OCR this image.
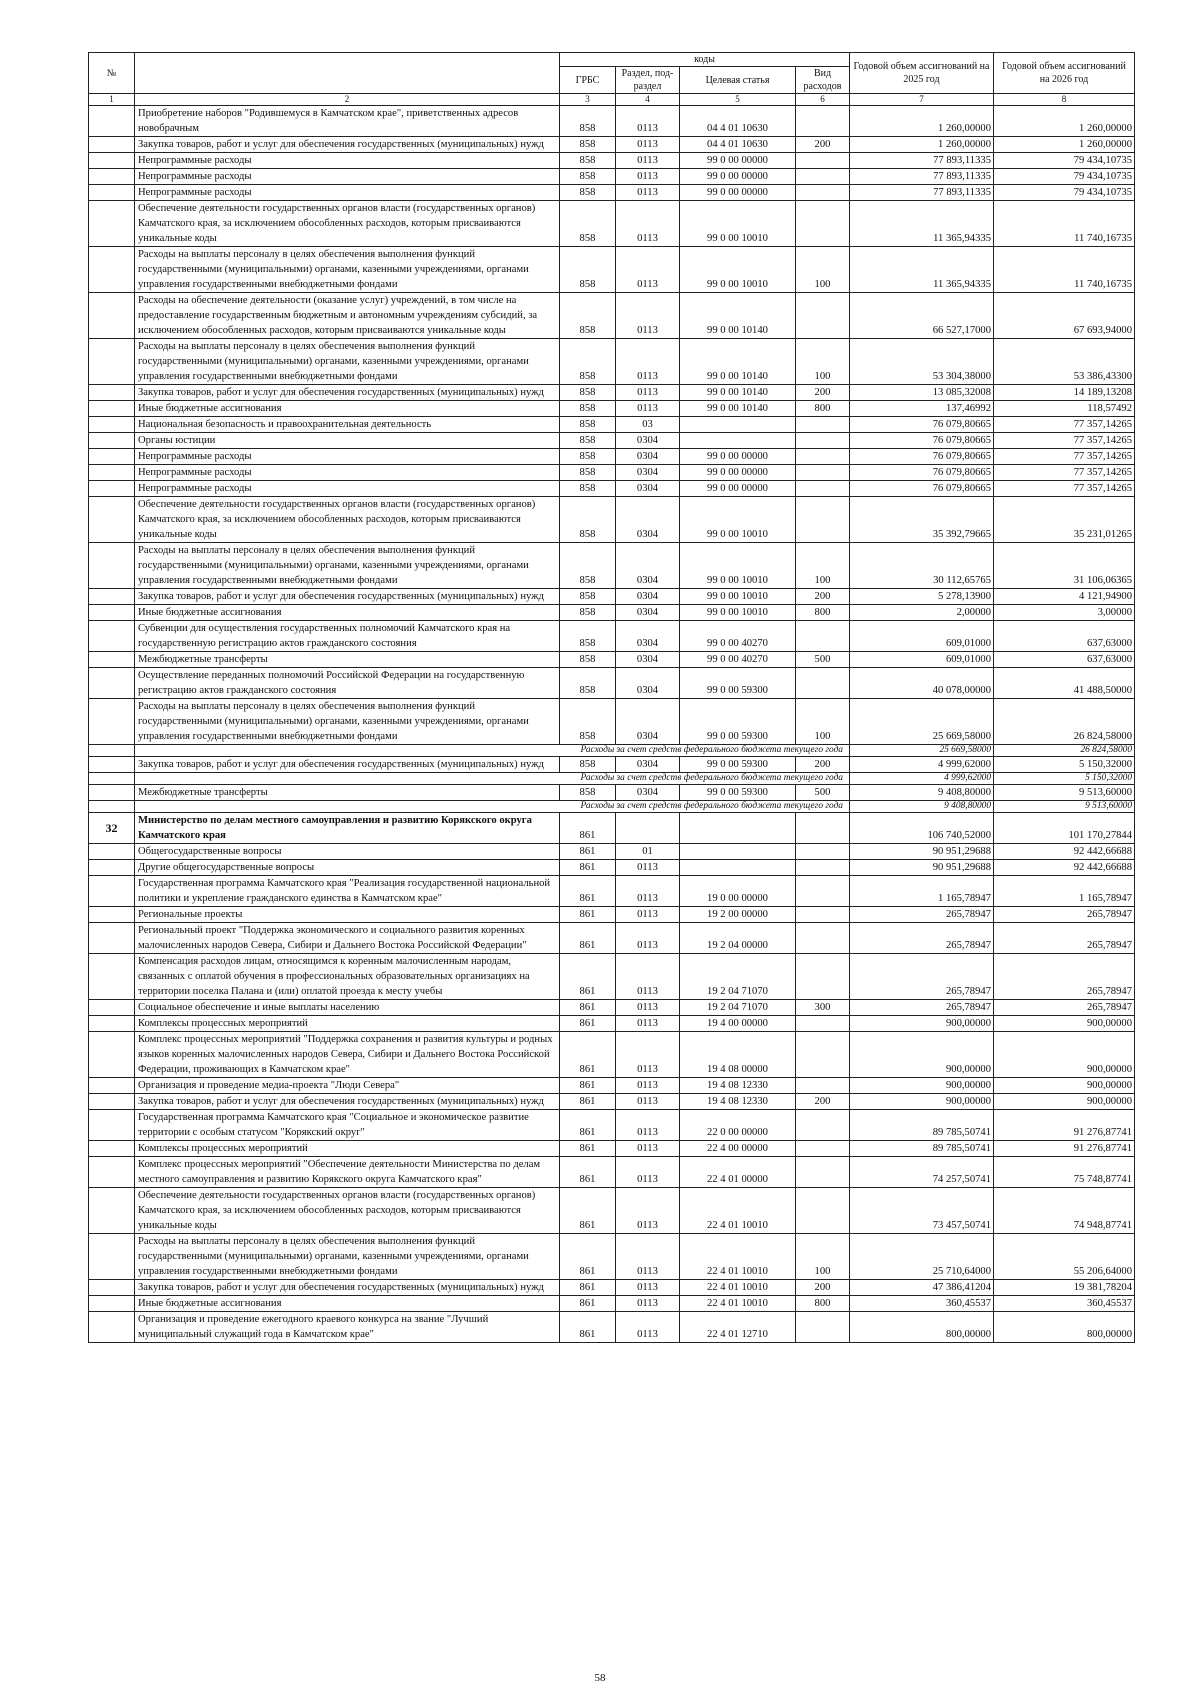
№		коды				Годовой объем ассигнований на 2025 год	Годовой объем ассигнований на 2026 год
		ГРБС	Раздел, под-раздел	Целевая статья	Вид расходов		
1	2	3	4	5	6	7	8
	Приобретение наборов "Родившемуся в Камчатском крае", приветственных адресов новобрачным	858	0113	04 4 01 10630		1 260,00000	1 260,00000
	Закупка товаров, работ и услуг для обеспечения государственных (муниципальных) нужд	858	0113	04 4 01 10630	200	1 260,00000	1 260,00000
	Непрограммные расходы	858	0113	99 0 00 00000		77 893,11335	79 434,10735
	Непрограммные расходы	858	0113	99 0 00 00000		77 893,11335	79 434,10735
	Непрограммные расходы	858	0113	99 0 00 00000		77 893,11335	79 434,10735
	Обеспечение деятельности государственных органов власти (государственных органов) Камчатского края, за исключением обособленных расходов, которым присваиваются уникальные коды	858	0113	99 0 00 10010		11 365,94335	11 740,16735
	Расходы на выплаты персоналу в целях обеспечения выполнения функций государственными (муниципальными) органами, казенными учреждениями, органами управления государственными внебюджетными фондами	858	0113	99 0 00 10010	100	11 365,94335	11 740,16735
	Расходы на обеспечение деятельности (оказание услуг) учреждений, в том числе на предоставление государственным бюджетным и автономным учреждениям субсидий, за исключением обособленных расходов, которым присваиваются уникальные коды	858	0113	99 0 00 10140		66 527,17000	67 693,94000
	Расходы на выплаты персоналу в целях обеспечения выполнения функций государственными (муниципальными) органами, казенными учреждениями, органами управления государственными внебюджетными фондами	858	0113	99 0 00 10140	100	53 304,38000	53 386,43300
	Закупка товаров, работ и услуг для обеспечения государственных (муниципальных) нужд	858	0113	99 0 00 10140	200	13 085,32008	14 189,13208
	Иные бюджетные ассигнования	858	0113	99 0 00 10140	800	137,46992	118,57492
	Национальная безопасность и правоохранительная деятельность	858	03			76 079,80665	77 357,14265
	Органы юстиции	858	0304			76 079,80665	77 357,14265
	Непрограммные расходы	858	0304	99 0 00 00000		76 079,80665	77 357,14265
	Непрограммные расходы	858	0304	99 0 00 00000		76 079,80665	77 357,14265
	Непрограммные расходы	858	0304	99 0 00 00000		76 079,80665	77 357,14265
	Обеспечение деятельности государственных органов власти (государственных органов) Камчатского края, за исключением обособленных расходов, которым присваиваются уникальные коды	858	0304	99 0 00 10010		35 392,79665	35 231,01265
	Расходы на выплаты персоналу в целях обеспечения выполнения функций государственными (муниципальными) органами, казенными учреждениями, органами управления государственными внебюджетными фондами	858	0304	99 0 00 10010	100	30 112,65765	31 106,06365
	Закупка товаров, работ и услуг для обеспечения государственных (муниципальных) нужд	858	0304	99 0 00 10010	200	5 278,13900	4 121,94900
	Иные бюджетные ассигнования	858	0304	99 0 00 10010	800	2,00000	3,00000
	Субвенции для осуществления государственных полномочий Камчатского края на государственную регистрацию актов гражданского состояния	858	0304	99 0 00 40270		609,01000	637,63000
	Межбюджетные трансферты	858	0304	99 0 00 40270	500	609,01000	637,63000
	Осуществление переданных полномочий Российской Федерации на государственную регистрацию актов гражданского состояния	858	0304	99 0 00 59300		40 078,00000	41 488,50000
	Расходы на выплаты персоналу в целях обеспечения выполнения функций государственными (муниципальными) органами, казенными учреждениями, органами управления государственными внебюджетными фондами	858	0304	99 0 00 59300	100	25 669,58000	26 824,58000
	Расходы за счет средств федерального бюджета текущего года					25 669,58000	26 824,58000
	Закупка товаров, работ и услуг для обеспечения государственных (муниципальных) нужд	858	0304	99 0 00 59300	200	4 999,62000	5 150,32000
	Расходы за счет средств федерального бюджета текущего года					4 999,62000	5 150,32000
	Межбюджетные трансферты	858	0304	99 0 00 59300	500	9 408,80000	9 513,60000
	Расходы за счет средств федерального бюджета текущего года					9 408,80000	9 513,60000
32	Министерство по делам местного самоуправления и развитию Корякского округа Камчатского края	861				106 740,52000	101 170,27844
	Общегосударственные вопросы	861	01			90 951,29688	92 442,66688
	Другие общегосударственные вопросы	861	0113			90 951,29688	92 442,66688
	Государственная программа Камчатского края "Реализация государственной национальной политики и укрепление гражданского единства в Камчатском крае"	861	0113	19 0 00 00000		1 165,78947	1 165,78947
	Региональные проекты	861	0113	19 2 00 00000		265,78947	265,78947
	Региональный проект "Поддержка экономического и социального развития коренных малочисленных народов Севера, Сибири и Дальнего Востока Российской Федерации"	861	0113	19 2 04 00000		265,78947	265,78947
	Компенсация расходов лицам, относящимся к коренным малочисленным народам, связанных с оплатой обучения в профессиональных образовательных организациях на территории поселка Палана и (или) оплатой проезда к месту учебы	861	0113	19 2 04 71070		265,78947	265,78947
	Социальное обеспечение и иные выплаты населению	861	0113	19 2 04 71070	300	265,78947	265,78947
	Комплексы процессных мероприятий	861	0113	19 4 00 00000		900,00000	900,00000
	Комплекс процессных мероприятий "Поддержка сохранения и развития культуры и родных языков коренных малочисленных народов Севера, Сибири и Дальнего Востока Российской Федерации, проживающих в Камчатском крае"	861	0113	19 4 08 00000		900,00000	900,00000
	Организация и проведение медиа-проекта "Люди Севера"	861	0113	19 4 08 12330		900,00000	900,00000
	Закупка товаров, работ и услуг для обеспечения государственных (муниципальных) нужд	861	0113	19 4 08 12330	200	900,00000	900,00000
	Государственная программа Камчатского края "Социальное и экономическое развитие территории с особым статусом "Корякский округ"	861	0113	22 0 00 00000		89 785,50741	91 276,87741
	Комплексы процессных мероприятий	861	0113	22 4 00 00000		89 785,50741	91 276,87741
	Комплекс процессных мероприятий "Обеспечение деятельности Министерства по делам местного самоуправления и развитию Корякского округа Камчатского края"	861	0113	22 4 01 00000		74 257,50741	75 748,87741
	Обеспечение деятельности государственных органов власти (государственных органов) Камчатского края, за исключением обособленных расходов, которым присваиваются уникальные коды	861	0113	22 4 01 10010		73 457,50741	74 948,87741
	Расходы на выплаты персоналу в целях обеспечения выполнения функций государственными (муниципальными) органами, казенными учреждениями, органами управления государственными внебюджетными фондами	861	0113	22 4 01 10010	100	25 710,64000	55 206,64000
	Закупка товаров, работ и услуг для обеспечения государственных (муниципальных) нужд	861	0113	22 4 01 10010	200	47 386,41204	19 381,78204
	Иные бюджетные ассигнования	861	0113	22 4 01 10010	800	360,45537	360,45537
	Организация и проведение ежегодного краевого конкурса на звание "Лучший муниципальный служащий года в Камчатском крае"	861	0113	22 4 01 12710		800,00000	800,00000
58
